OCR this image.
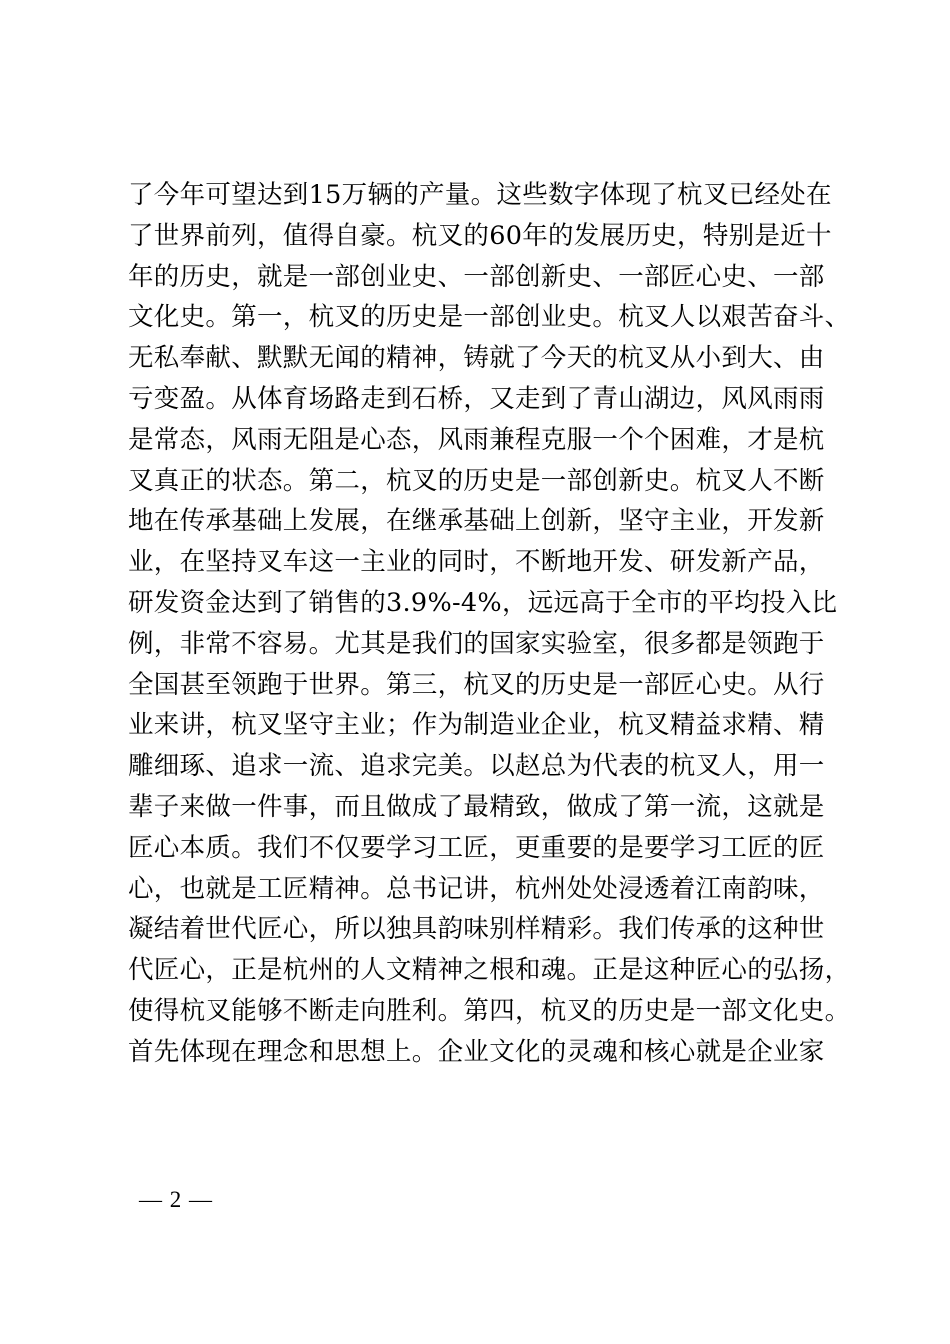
了今年可望达到15万辆的产量。这些数字体现了杭叉已经处在
了世界前列，值得自豪。杭叉的60年的发展历史，特别是近十
年的历史，就是一部创业史、一部创新史、一部匠心史、一部
文化史。第一，杭叉的历史是一部创业史。杭叉人以艰苦奋斗、
无私奉献、默默无闻的精神，铸就了今天的杭叉从小到大、由
亏变盈。从体育场路走到石桥，又走到了青山湖边，风风雨雨
是常态，风雨无阻是心态，风雨兼程克服一个个困难，才是杭
叉真正的状态。第二，杭叉的历史是一部创新史。杭叉人不断
地在传承基础上发展，在继承基础上创新，坚守主业，开发新
业，在坚持叉车这一主业的同时，不断地开发、研发新产品，
研发资金达到了销售的3.9%-4%，远远高于全市的平均投入比
例，非常不容易。尤其是我们的国家实验室，很多都是领跑于
全国甚至领跑于世界。第三，杭叉的历史是一部匠心史。从行
业来讲，杭叉坚守主业；作为制造业企业，杭叉精益求精、精
雕细琢、追求一流、追求完美。以赵总为代表的杭叉人，用一
辈子来做一件事，而且做成了最精致，做成了第一流，这就是
匠心本质。我们不仅要学习工匠，更重要的是要学习工匠的匠
心，也就是工匠精神。总书记讲，杭州处处浸透着江南韵味，
凝结着世代匠心，所以独具韵味别样精彩。我们传承的这种世
代匠心，正是杭州的人文精神之根和魂。正是这种匠心的弘扬，
使得杭叉能够不断走向胜利。第四，杭叉的历史是一部文化史。
首先体现在理念和思想上。企业文化的灵魂和核心就是企业家
— 2 —
